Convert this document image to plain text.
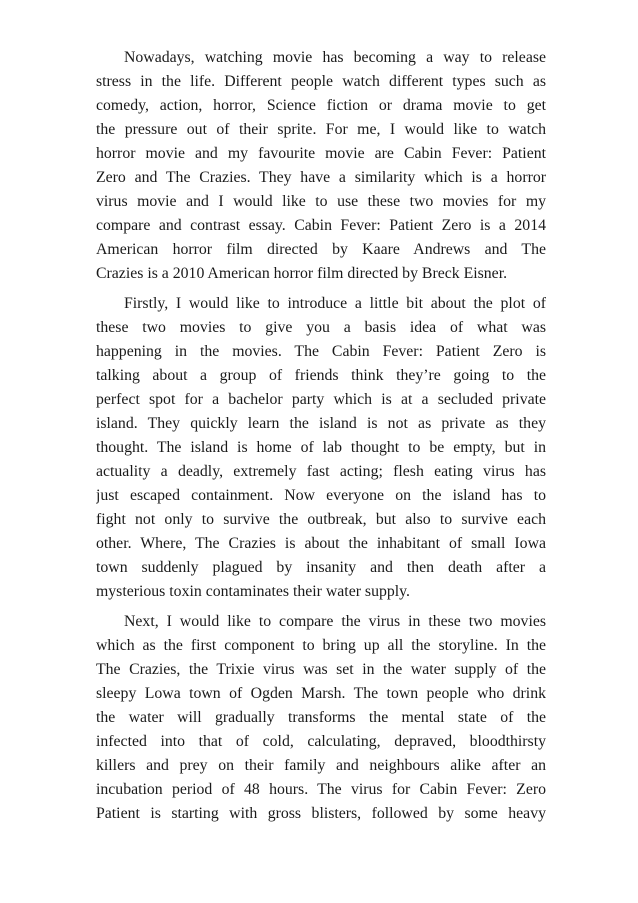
Nowadays, watching movie has becoming a way to release

stress in the life. Different people watch different types such as

comedy, action, horror, Science fiction or drama movie to get

the pressure out of their sprite. For me, I would like to watch

horror movie and my favourite movie are Cabin Fever: Patient

Zero and The Crazies. They have a similarity which is a horror

virus movie and I would like to use these two movies for my

compare and contrast essay. Cabin Fever: Patient Zero is a 2014

American horror film directed by Kaare Andrews and The

Crazies is a 2010 American horror film directed by Breck Eisner.

Firstly, I would like to introduce a little bit about the plot of

these two movies to give you a basis idea of what was

happening in the movies. The Cabin Fever: Patient Zero is

talking about a group of friends think they’re going to the

perfect spot for a bachelor party which is at a secluded private

island. They quickly learn the island is not as private as they

thought. The island is home of lab thought to be empty, but in

actuality a deadly, extremely fast acting; flesh eating virus has

just escaped containment. Now everyone on the island has to

fight not only to survive the outbreak, but also to survive each

other. Where, The Crazies is about the inhabitant of small Iowa

town suddenly plagued by insanity and then death after a

mysterious toxin contaminates their water supply.

Next, I would like to compare the virus in these two movies

which as the first component to bring up all the storyline. In the

The Crazies, the Trixie virus was set in the water supply of the

sleepy Lowa town of Ogden Marsh. The town people who drink

the water will gradually transforms the mental state of the

infected into that of cold, calculating, depraved, bloodthirsty

killers and prey on their family and neighbours alike after an

incubation period of 48 hours. The virus for Cabin Fever: Zero

Patient is starting with gross blisters, followed by some heavy
